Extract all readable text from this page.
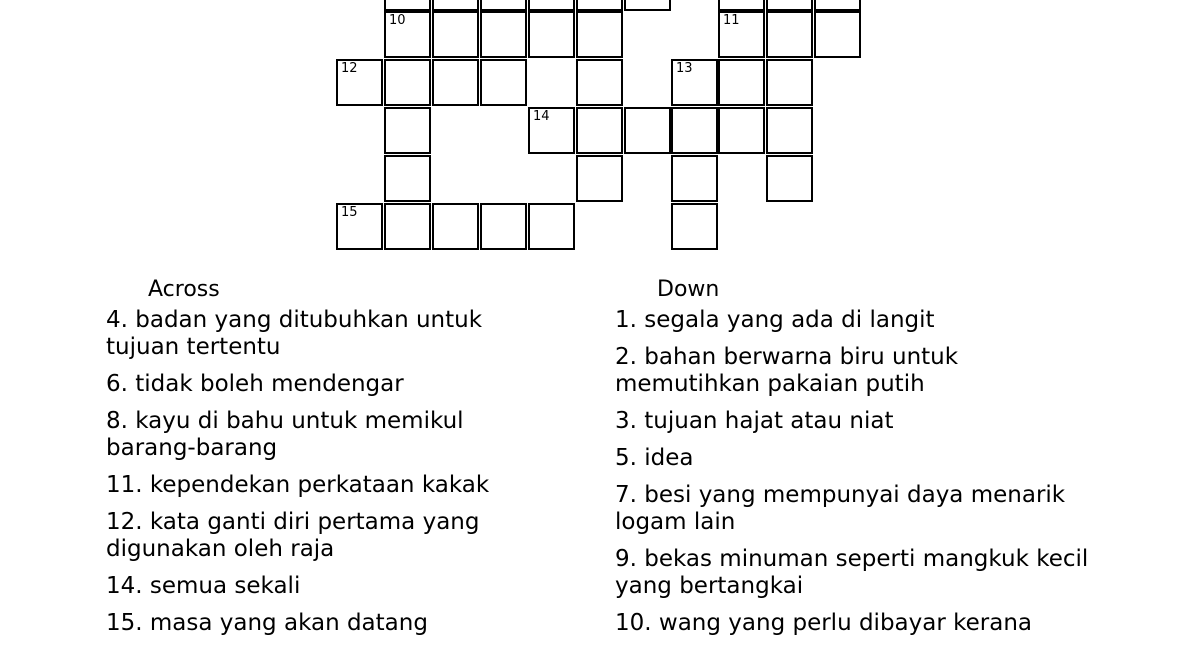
10	11
12	13
14
15
Across
4. badan yang ditubuhkan untuk tujuan tertentu
6. tidak boleh mendengar
8. kayu di bahu untuk memikul barang-barang
11. kependekan perkataan kakak
12. kata ganti diri pertama yang digunakan oleh raja
14. semua sekali
15. masa yang akan datang
Down
1. segala yang ada di langit
2. bahan berwarna biru untuk memutihkan pakaian putih
3. tujuan hajat atau niat
5. idea
7. besi yang mempunyai daya menarik logam lain
9. bekas minuman seperti mangkuk kecil yang bertangkai
10. wang yang perlu dibayar kerana
